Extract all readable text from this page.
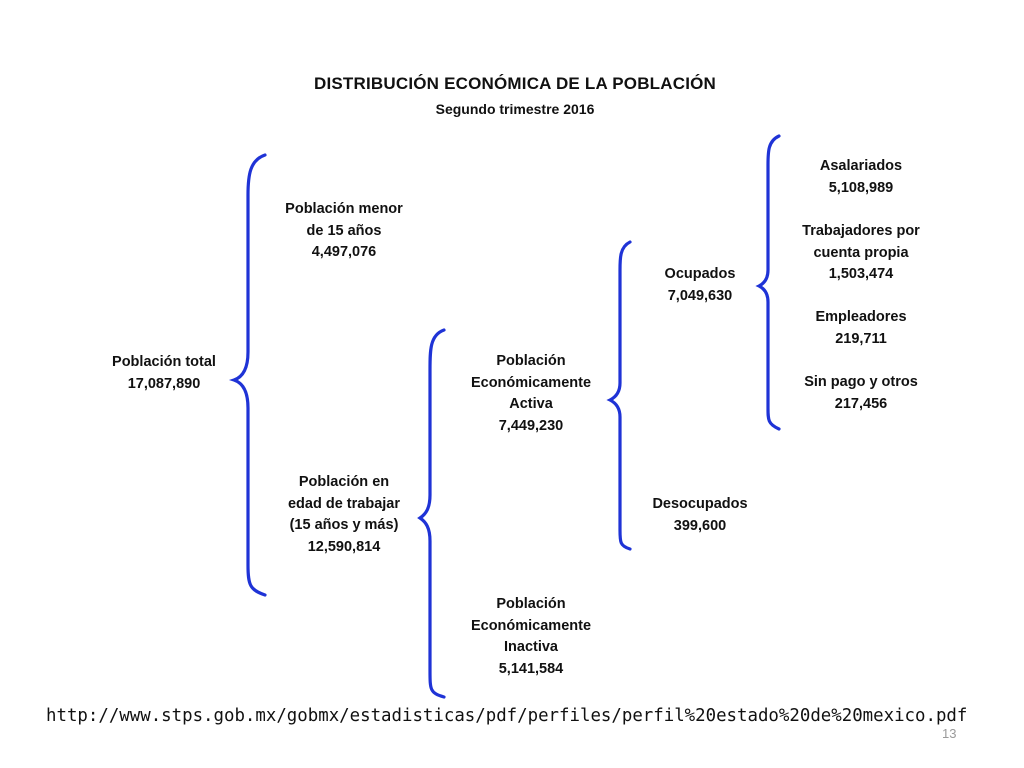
DISTRIBUCIÓN ECONÓMICA DE LA POBLACIÓN
Segundo trimestre 2016
Población total
17,087,890
Población menor
de 15 años
4,497,076
Población en
edad de trabajar
(15 años y más)
12,590,814
Población
Económicamente
Activa
7,449,230
Población
Económicamente
Inactiva
5,141,584
Ocupados
7,049,630
Desocupados
399,600
Asalariados
5,108,989
Trabajadores por
cuenta propia
1,503,474
Empleadores
219,711
Sin pago y otros
217,456
http://www.stps.gob.mx/gobmx/estadisticas/pdf/perfiles/perfil%20estado%20de%20mexico.pdf
13
